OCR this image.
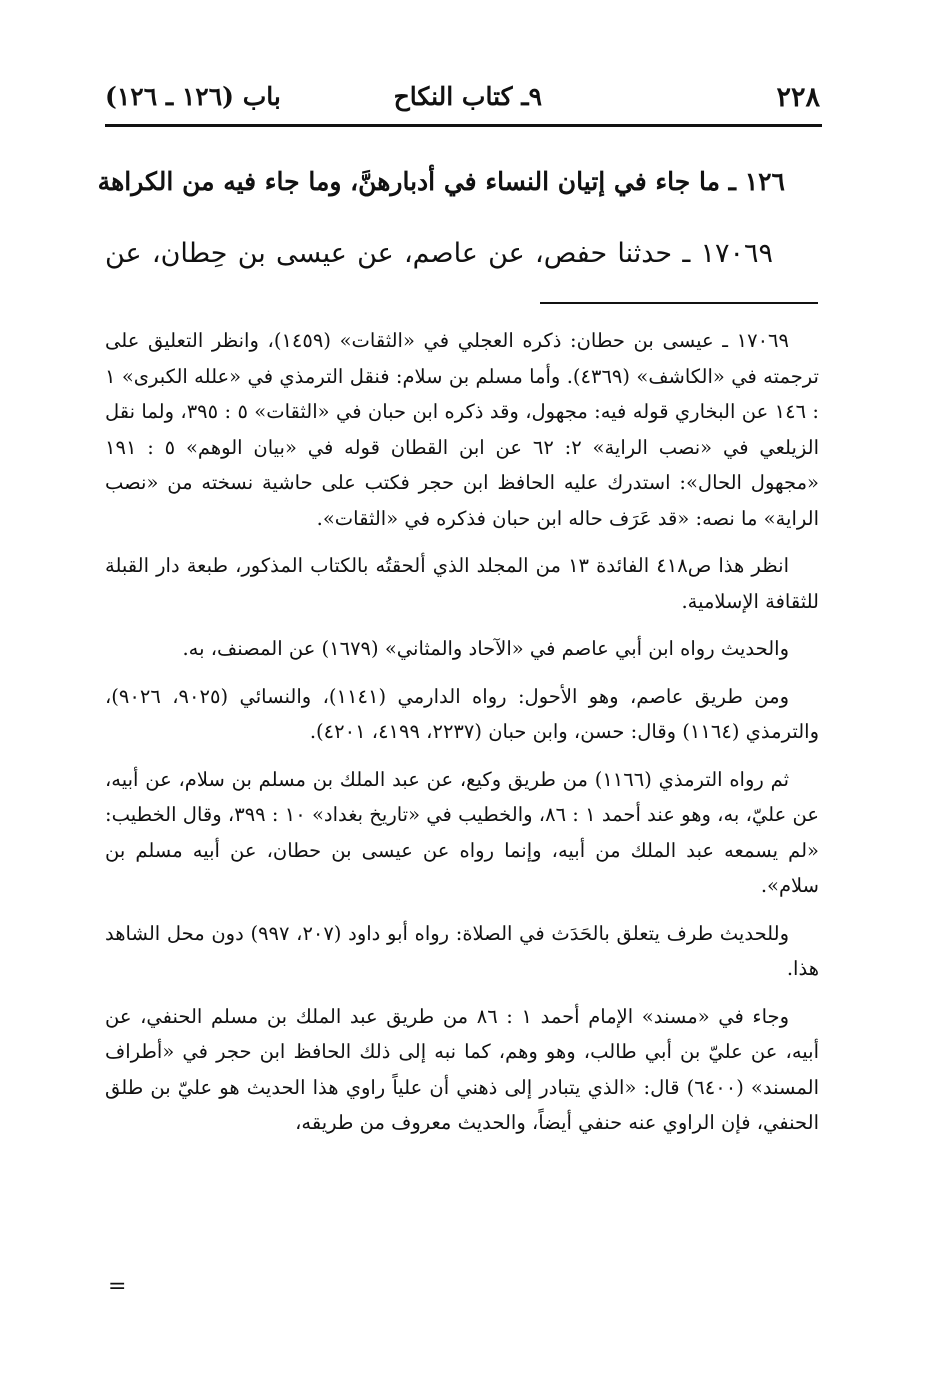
٢٢٨
٩ـ كتاب النكاح
باب (١٢٦ ـ ١٢٦)
١٢٦ ـ ما جاء في إتيان النساء في أدبارهنَّ، وما جاء فيه من الكراهة
١٧٠٦٩ ـ حدثنا حفص، عن عاصم، عن عيسى بن حِطان، عن

١٧٠٦٩ ـ عيسى بن حطان: ذكره العجلي في «الثقات» (١٤٥٩)، وانظر التعليق على ترجمته في «الكاشف» (٤٣٦٩). وأما مسلم بن سلام: فنقل الترمذي في «علله الكبرى» ١ : ١٤٦ عن البخاري قوله فيه: مجهول، وقد ذكره ابن حبان في «الثقات» ٥ : ٣٩٥، ولما نقل الزيلعي في «نصب الراية» ٢: ٦٢ عن ابن القطان قوله في «بيان الوهم» ٥ : ١٩١ «مجهول الحال»: استدرك عليه الحافظ ابن حجر فكتب على حاشية نسخته من «نصب الراية» ما نصه: «قد عَرَف حاله ابن حبان فذكره في «الثقات».

انظر هذا ص٤١٨ الفائدة ١٣ من المجلد الذي ألحقتُه بالكتاب المذكور، طبعة دار القبلة للثقافة الإسلامية.

والحديث رواه ابن أبي عاصم في «الآحاد والمثاني» (١٦٧٩) عن المصنف، به.

ومن طريق عاصم، وهو الأحول: رواه الدارمي (١١٤١)، والنسائي (٩٠٢٥، ٩٠٢٦)، والترمذي (١١٦٤) وقال: حسن، وابن حبان (٢٢٣٧، ٤١٩٩، ٤٢٠١).

ثم رواه الترمذي (١١٦٦) من طريق وكيع، عن عبد الملك بن مسلم بن سلام، عن أبيه، عن عليّ، به، وهو عند أحمد ١ : ٨٦، والخطيب في «تاريخ بغداد» ١٠ : ٣٩٩، وقال الخطيب: «لم يسمعه عبد الملك من أبيه، وإنما رواه عن عيسى بن حطان، عن أبيه مسلم بن سلام».

وللحديث طرف يتعلق بالحَدَث في الصلاة: رواه أبو داود (٢٠٧، ٩٩٧) دون محل الشاهد هذا.

وجاء في «مسند» الإمام أحمد ١ : ٨٦ من طريق عبد الملك بن مسلم الحنفي، عن أبيه، عن عليّ بن أبي طالب، وهو وهم، كما نبه إلى ذلك الحافظ ابن حجر في «أطراف المسند» (٦٤٠٠) قال: «الذي يتبادر إلى ذهني أن علياً راوي هذا الحديث هو عليّ بن طلق الحنفي، فإن الراوي عنه حنفي أيضاً، والحديث معروف من طريقه،

=
